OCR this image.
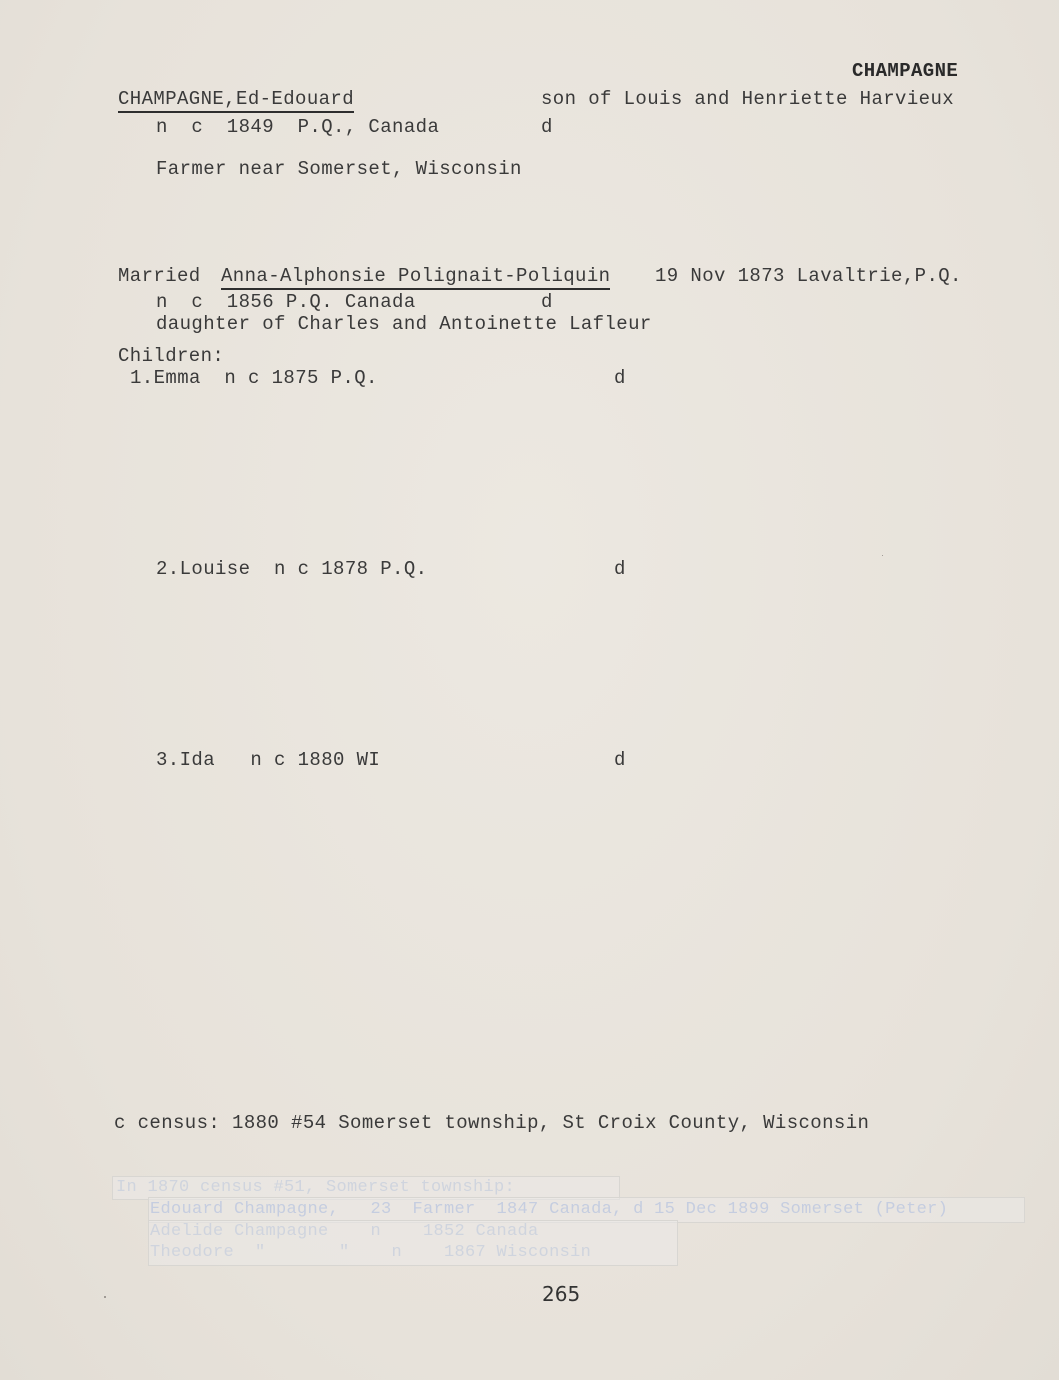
CHAMPAGNE
CHAMPAGNE,Ed-Edouard	son of Louis and Henriette Harvieux
n  c  1849  P.Q., Canada	d
Farmer near Somerset, Wisconsin
Married Anna-Alphonsie Polignait-Poliquin 19 Nov 1873 Lavaltrie,P.Q.
n  c  1856 P.Q. Canada	d
daughter of Charles and Antoinette Lafleur
Children:
1.Emma  n c 1875 P.Q.	d
2.Louise  n c 1878 P.Q.	d
3.Ida   n c 1880 WI	d
c census: 1880 #54 Somerset township, St Croix County, Wisconsin
In 1870 census #51, Somerset township:
Edouard Champagne,   23  Farmer  1847 Canada, d 15 Dec 1899 Somerset (Peter)
Adelide Champagne    n    1852 Canada
Theodore  "       "    n    1867 Wisconsin
265
